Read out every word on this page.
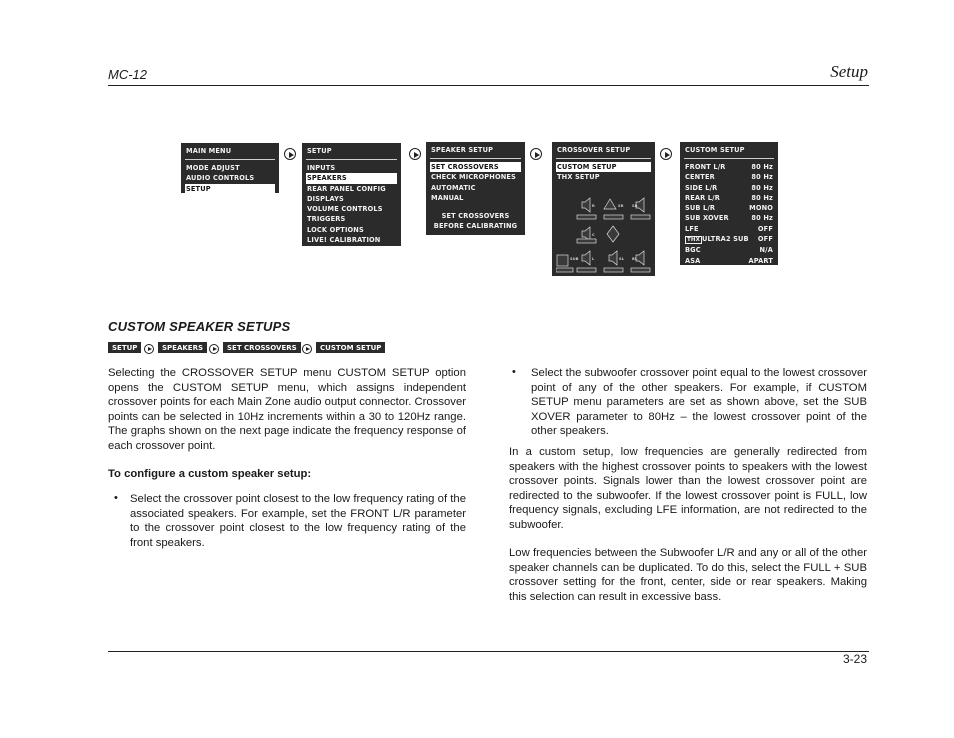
MC-12	Setup
MAIN MENU
MODE ADJUST
AUDIO CONTROLS
SETUP
SETUP
INPUTS
SPEAKERS
REAR PANEL CONFIG
DISPLAYS
VOLUME CONTROLS
TRIGGERS
LOCK OPTIONS
LIVE! CALIBRATION
SPEAKER SETUP
SET CROSSOVERS
CHECK MICROPHONES
AUTOMATIC
MANUAL
SET CROSSOVERS
BEFORE CALIBRATING
CROSSOVER SETUP
CUSTOM SETUP
THX SETUP
R	SR SB
C
SUB	L	SL BL
CUSTOM SETUP
FRONT L/R	80 Hz
CENTER	80 Hz
SIDE L/R	80 Hz
REAR L/R	80 Hz
SUB L/R	MONO
SUB XOVER	80 Hz
LFE	OFF
THX ULTRA2 SUB OFF
BGC	N/A
ASA	APART
CUSTOM SPEAKER SETUPS
SETUP	SPEAKERS	SET CROSSOVERS	CUSTOM SETUP
Selecting the CROSSOVER SETUP menu CUSTOM SETUP option opens the CUSTOM SETUP menu, which assigns independent crossover points for each Main Zone audio output connector. Crossover points can be selected in 10Hz increments within a 30 to 120Hz range. The graphs shown on the next page indicate the frequency response of each crossover point.
To configure a custom speaker setup:
• Select the crossover point closest to the low frequency rating of the associated speakers. For example, set the FRONT L/R parameter to the crossover point closest to the low frequency rating of the front speakers.
• Select the subwoofer crossover point equal to the lowest crossover point of any of the other speakers. For example, if CUSTOM SETUP menu parameters are set as shown above, set the SUB XOVER parameter to 80Hz – the lowest crossover point of the other speakers.
In a custom setup, low frequencies are generally redirected from speakers with the highest crossover points to speakers with the lowest crossover points. Signals lower than the lowest crossover point are redirected to the subwoofer. If the lowest crossover point is FULL, low frequency signals, excluding LFE information, are not redirected to the subwoofer.
Low frequencies between the Subwoofer L/R and any or all of the other speaker channels can be duplicated. To do this, select the FULL + SUB crossover setting for the front, center, side or rear speakers. Making this selection can result in excessive bass.
3-23
